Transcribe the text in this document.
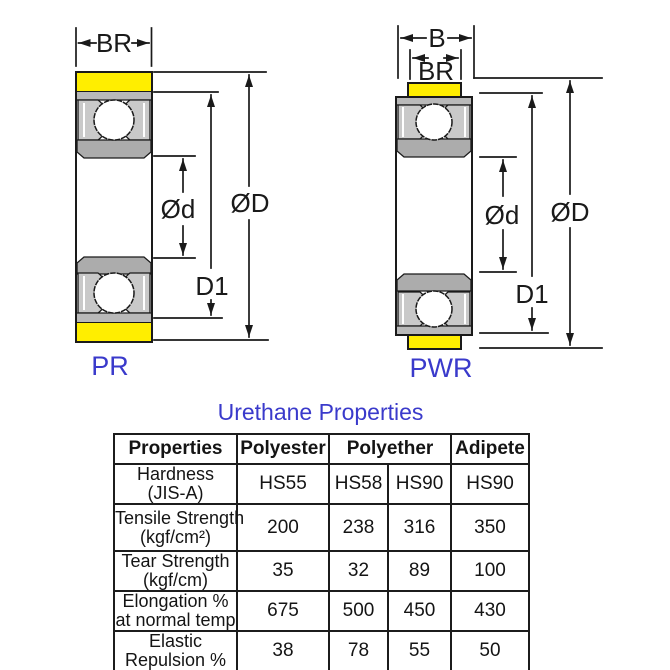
BR
ØD
D1
Ød
PR
B
BR
ØD
D1
Ød
PWR
Urethane Properties
Properties	Polyester	Polyether		Adipete

Hardness
(JIS-A)	HS55	HS58	HS90	HS90

Tensile Strength
(kgf/cm²)	200	238	316	350

Tear Strength
(kgf/cm)	35	32	89	100

Elongation %
at normal temp	675	500	450	430

Elastic
Repulsion %	38	78	55	50
